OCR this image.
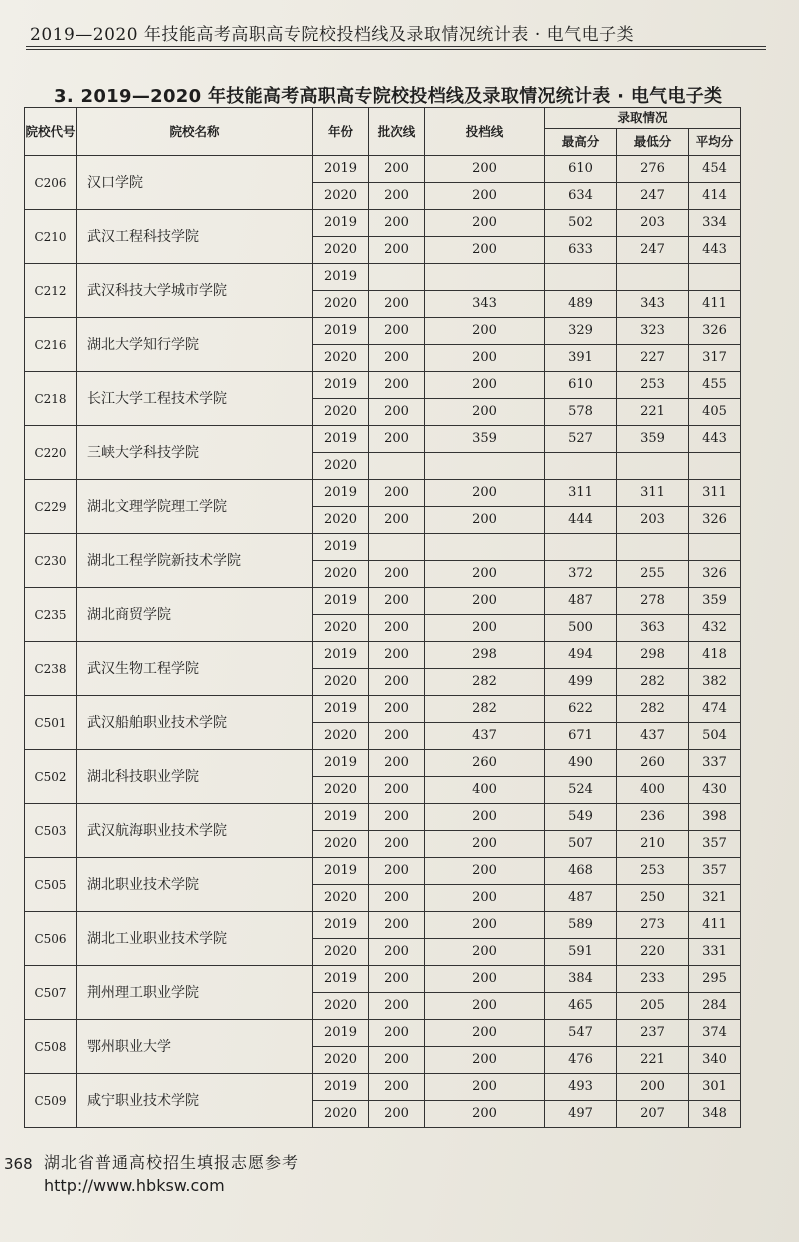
2019—2020 年技能高考高职高专院校投档线及录取情况统计表 · 电气电子类
3. 2019—2020 年技能高考高职高专院校投档线及录取情况统计表 · 电气电子类
院校代号	院校名称	年份	批次线	投档线	录取情况		
					最高分	最低分	平均分
C206	汉口学院	2019	200	200	610	276	454
		2020	200	200	634	247	414
C210	武汉工程科技学院	2019	200	200	502	203	334
		2020	200	200	633	247	443
C212	武汉科技大学城市学院	2019					
		2020	200	343	489	343	411
C216	湖北大学知行学院	2019	200	200	329	323	326
		2020	200	200	391	227	317
C218	长江大学工程技术学院	2019	200	200	610	253	455
		2020	200	200	578	221	405
C220	三峡大学科技学院	2019	200	359	527	359	443
		2020					
C229	湖北文理学院理工学院	2019	200	200	311	311	311
		2020	200	200	444	203	326
C230	湖北工程学院新技术学院	2019					
		2020	200	200	372	255	326
C235	湖北商贸学院	2019	200	200	487	278	359
		2020	200	200	500	363	432
C238	武汉生物工程学院	2019	200	298	494	298	418
		2020	200	282	499	282	382
C501	武汉船舶职业技术学院	2019	200	282	622	282	474
		2020	200	437	671	437	504
C502	湖北科技职业学院	2019	200	260	490	260	337
		2020	200	400	524	400	430
C503	武汉航海职业技术学院	2019	200	200	549	236	398
		2020	200	200	507	210	357
C505	湖北职业技术学院	2019	200	200	468	253	357
		2020	200	200	487	250	321
C506	湖北工业职业技术学院	2019	200	200	589	273	411
		2020	200	200	591	220	331
C507	荆州理工职业学院	2019	200	200	384	233	295
		2020	200	200	465	205	284
C508	鄂州职业大学	2019	200	200	547	237	374
		2020	200	200	476	221	340
C509	咸宁职业技术学院	2019	200	200	493	200	301
		2020	200	200	497	207	348
368 湖北省普通高校招生填报志愿参考
http://www.hbksw.com
